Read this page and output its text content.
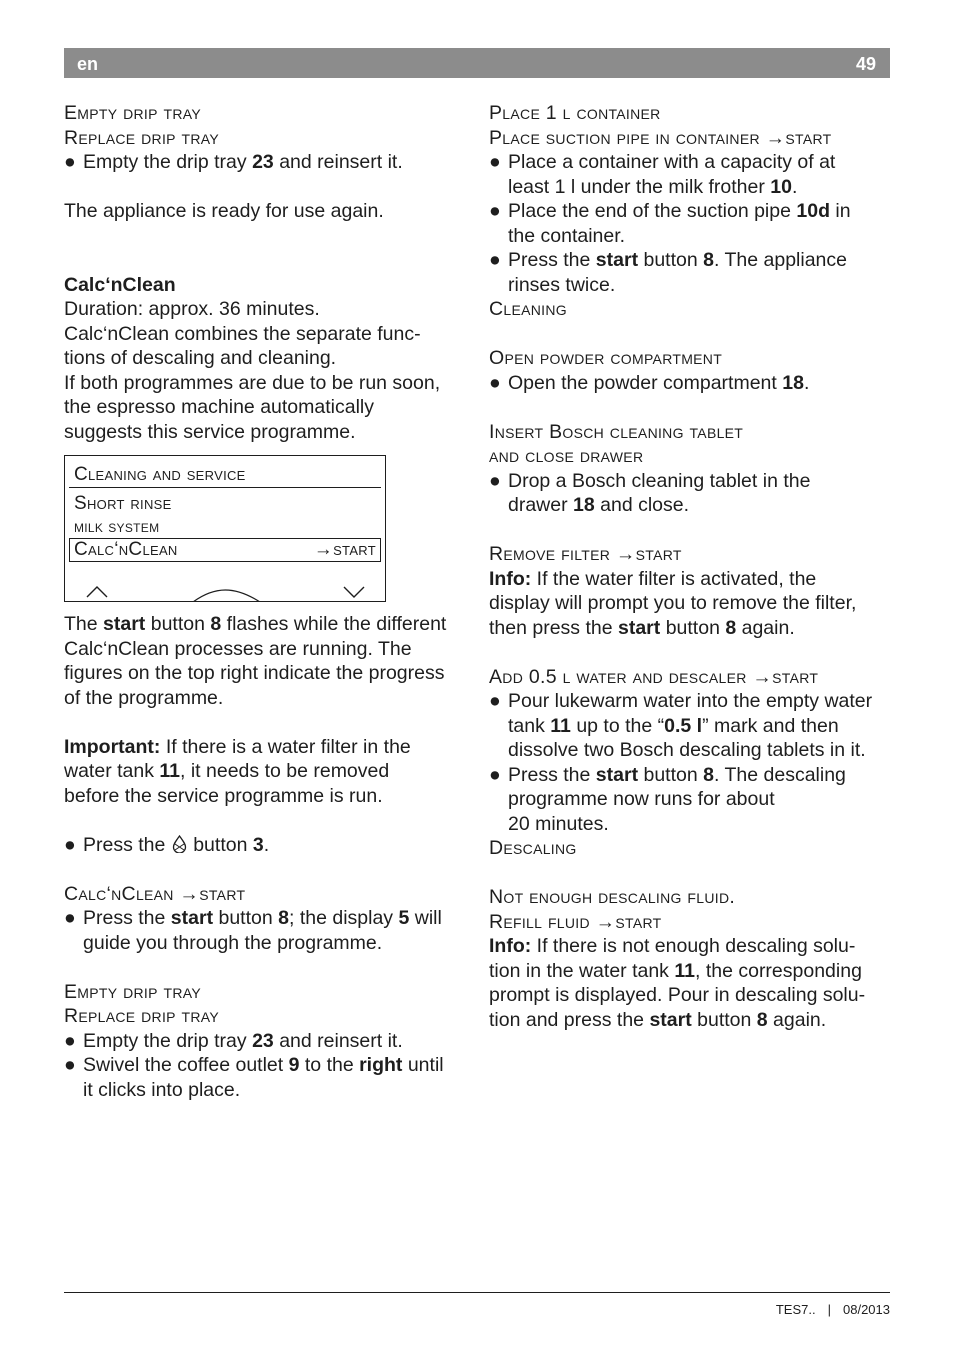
en	49
Empty drip tray
Replace drip tray
● Empty the drip tray 23 and reinsert it.
The appliance is ready for use again.
Calc‘nClean
Duration: approx. 36 minutes.
Calc‘nClean combines the separate func-
tions of descaling and cleaning.
If both programmes are due to be run soon,
the espresso machine automatically
suggests this service programme.
Cleaning and service
Short rinse
milk system
Calc‘nClean	→start
The start button 8 flashes while the different
Calc‘nClean processes are running. The
figures on the top right indicate the progress
of the programme.
Important: If there is a water filter in the
water tank 11, it needs to be removed
before the service programme is run.
● Press the  button 3.
Calc‘nClean →start
● Press the start button 8; the display 5 will
guide you through the programme.
Empty drip tray
Replace drip tray
● Empty the drip tray 23 and reinsert it.
● Swivel the coffee outlet 9 to the right until
it clicks into place.
Place 1 l container
Place suction pipe in container →start
● Place a container with a capacity of at
least 1 l under the milk frother 10.
● Place the end of the suction pipe 10d in
the container.
● Press the start button 8. The appliance
rinses twice.
Cleaning
Open powder compartment
● Open the powder compartment 18.
Insert Bosch cleaning tablet
and close drawer
● Drop a Bosch cleaning tablet in the
drawer 18 and close.
Remove filter →start
Info: If the water filter is activated, the
display will prompt you to remove the filter,
then press the start button 8 again.
Add 0.5 l water and descaler →start
● Pour lukewarm water into the empty water
tank 11 up to the “0.5 l” mark and then
dissolve two Bosch descaling tablets in it.
● Press the start button 8. The descaling
programme now runs for about
20 minutes.
Descaling
Not enough descaling fluid.
Refill fluid →start
Info: If there is not enough descaling solu-
tion in the water tank 11, the corresponding
prompt is displayed. Pour in descaling solu-
tion and press the start button 8 again.
TES7.. | 08/2013
